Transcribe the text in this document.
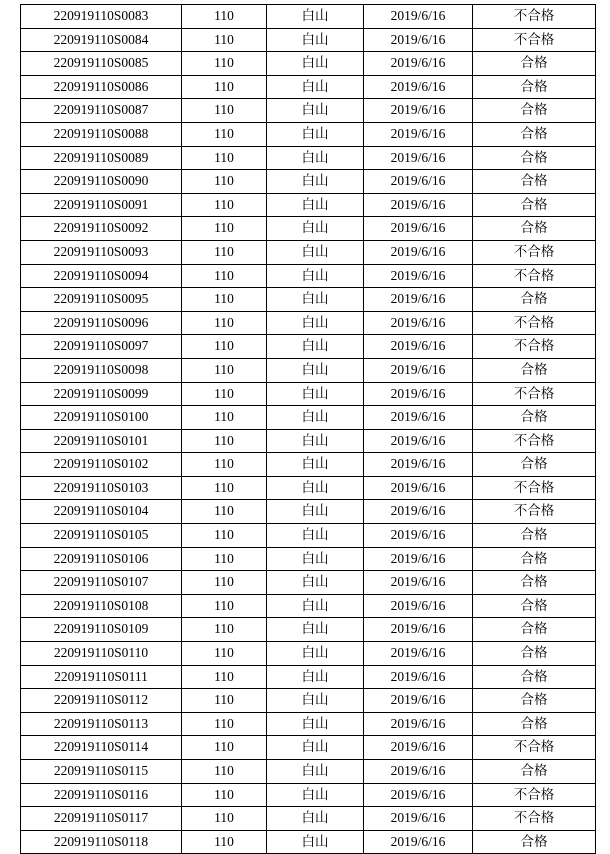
220919110S0083	110	白山	2019/6/16	不合格
220919110S0084	110	白山	2019/6/16	不合格
220919110S0085	110	白山	2019/6/16	合格
220919110S0086	110	白山	2019/6/16	合格
220919110S0087	110	白山	2019/6/16	合格
220919110S0088	110	白山	2019/6/16	合格
220919110S0089	110	白山	2019/6/16	合格
220919110S0090	110	白山	2019/6/16	合格
220919110S0091	110	白山	2019/6/16	合格
220919110S0092	110	白山	2019/6/16	合格
220919110S0093	110	白山	2019/6/16	不合格
220919110S0094	110	白山	2019/6/16	不合格
220919110S0095	110	白山	2019/6/16	合格
220919110S0096	110	白山	2019/6/16	不合格
220919110S0097	110	白山	2019/6/16	不合格
220919110S0098	110	白山	2019/6/16	合格
220919110S0099	110	白山	2019/6/16	不合格
220919110S0100	110	白山	2019/6/16	合格
220919110S0101	110	白山	2019/6/16	不合格
220919110S0102	110	白山	2019/6/16	合格
220919110S0103	110	白山	2019/6/16	不合格
220919110S0104	110	白山	2019/6/16	不合格
220919110S0105	110	白山	2019/6/16	合格
220919110S0106	110	白山	2019/6/16	合格
220919110S0107	110	白山	2019/6/16	合格
220919110S0108	110	白山	2019/6/16	合格
220919110S0109	110	白山	2019/6/16	合格
220919110S0110	110	白山	2019/6/16	合格
220919110S0111	110	白山	2019/6/16	合格
220919110S0112	110	白山	2019/6/16	合格
220919110S0113	110	白山	2019/6/16	合格
220919110S0114	110	白山	2019/6/16	不合格
220919110S0115	110	白山	2019/6/16	合格
220919110S0116	110	白山	2019/6/16	不合格
220919110S0117	110	白山	2019/6/16	不合格
220919110S0118	110	白山	2019/6/16	合格
